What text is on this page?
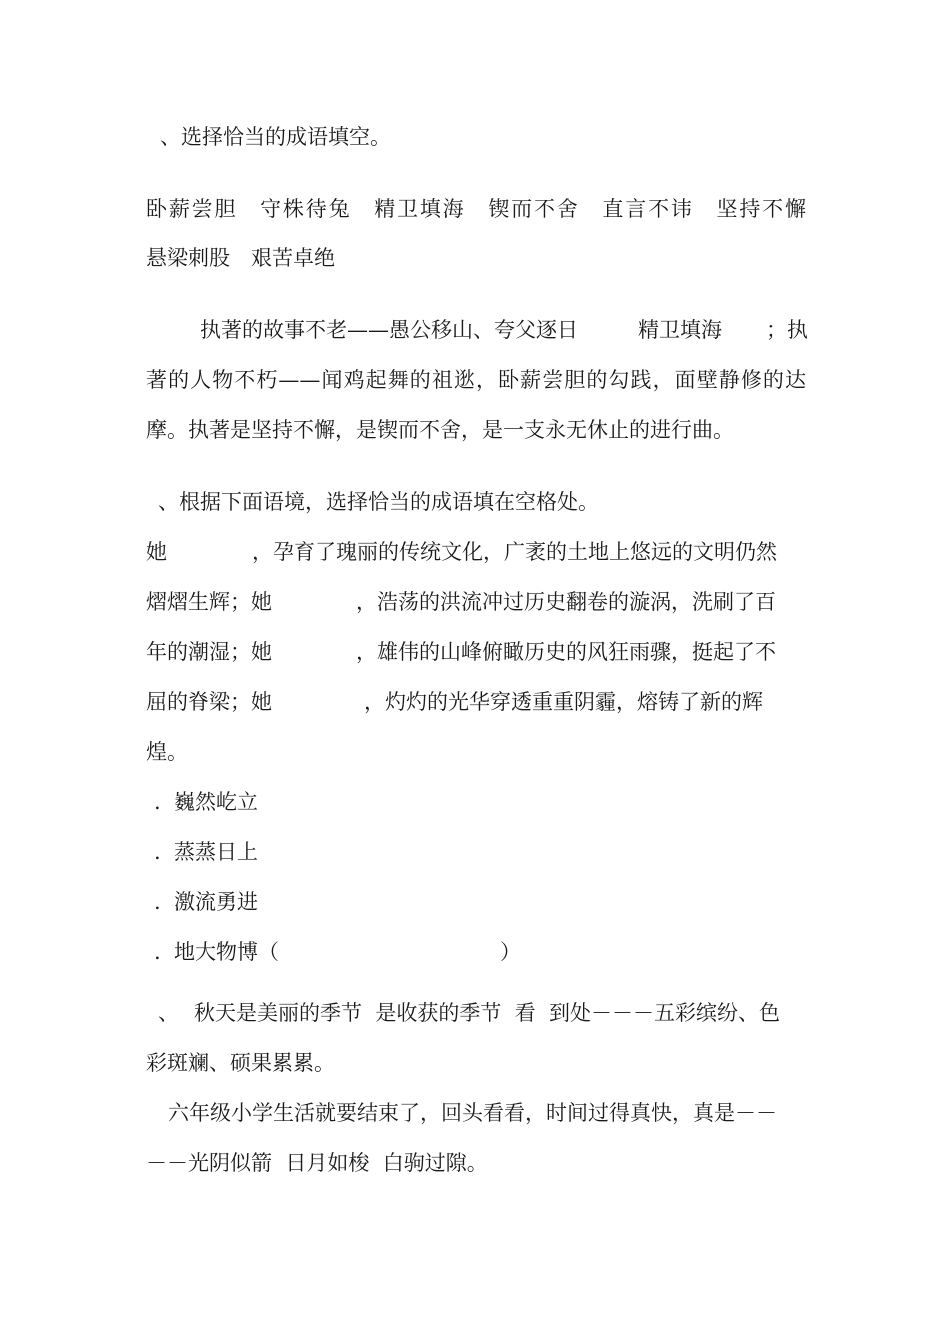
、选择恰当的成语填空。
卧薪尝胆　守株待兔　精卫填海　锲而不舍　直言不讳　坚持不懈
悬梁刺股　艰苦卓绝
执著的故事不老——愚公移山、夸父逐日	精卫填海 ；执
著的人物不朽——闻鸡起舞的祖逖，卧薪尝胆的勾践，面壁静修的达
摩。执著是坚持不懈，是锲而不舍，是一支永无休止的进行曲。
、根据下面语境，选择恰当的成语填在空格处。
她	，孕育了瑰丽的传统文化，广袤的土地上悠远的文明仍然
熠熠生辉；她	，浩荡的洪流冲过历史翻卷的漩涡，洗刷了百
年的潮湿；她	，雄伟的山峰俯瞰历史的风狂雨骤，挺起了不
屈的脊梁；她	，灼灼的光华穿透重重阴霾，熔铸了新的辉
煌。
.  巍然屹立
.  蒸蒸日上
.  激流勇进
.  地大物博（	）
、 秋天是美丽的季节  是收获的季节  看  到处－－－五彩缤纷、色
彩斑斓、硕果累累。
六年级小学生活就要结束了，回头看看，时间过得真快，真是－－
－－光阴似箭  日月如梭  白驹过隙。
